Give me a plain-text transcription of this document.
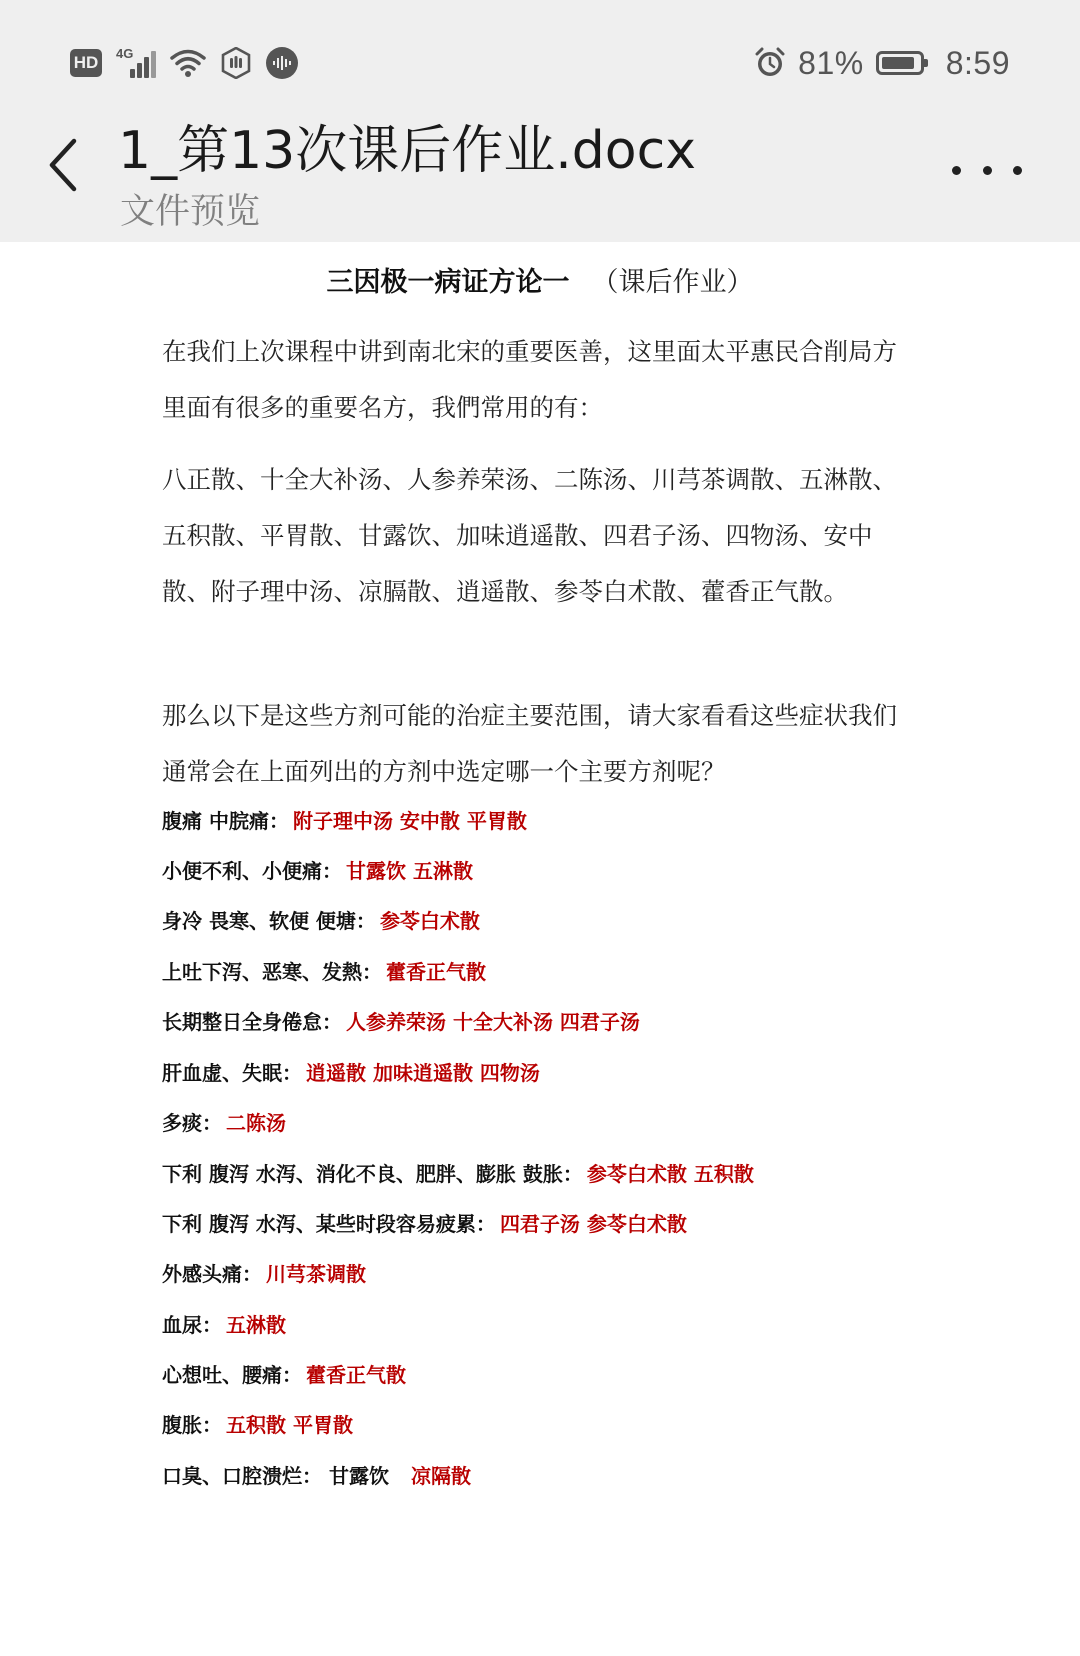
HD 4G	81%	8:59
1_第13次课后作业.docx
文件预览
三因极一病证方论一 （课后作业）
在我们上次课程中讲到南北宋的重要医善，这里面太平惠民合削局方里面有很多的重要名方，我們常用的有：
八正散、十全大补汤、人参养荣汤、二陈汤、川芎茶调散、五淋散、五积散、平胃散、甘露饮、加味逍遥散、四君子汤、四物汤、安中散、附子理中汤、凉膈散、逍遥散、参苓白术散、藿香正气散。
那么以下是这些方剂可能的治症主要范围，请大家看看这些症状我们通常会在上面列出的方剂中选定哪一个主要方剂呢？
腹痛 中脘痛： 附子理中汤 安中散 平胃散
小便不利、小便痛： 甘露饮 五淋散
身冷 畏寒、软便 便塘： 参苓白术散
上吐下泻、恶寒、发熱： 藿香正气散
长期整日全身倦怠： 人参养荣汤 十全大补汤 四君子汤
肝血虚、失眠： 逍遥散 加味逍遥散 四物汤
多痰： 二陈汤
下利 腹泻 水泻、消化不良、肥胖、膨胀 鼓胀： 参苓白术散 五积散
下利 腹泻 水泻、某些时段容易疲累： 四君子汤 参苓白术散
外感头痛： 川芎茶调散
血尿： 五淋散
心想吐、腰痛： 藿香正气散
腹胀： 五积散 平胃散
口臭、口腔溃烂： 甘露饮 凉隔散
